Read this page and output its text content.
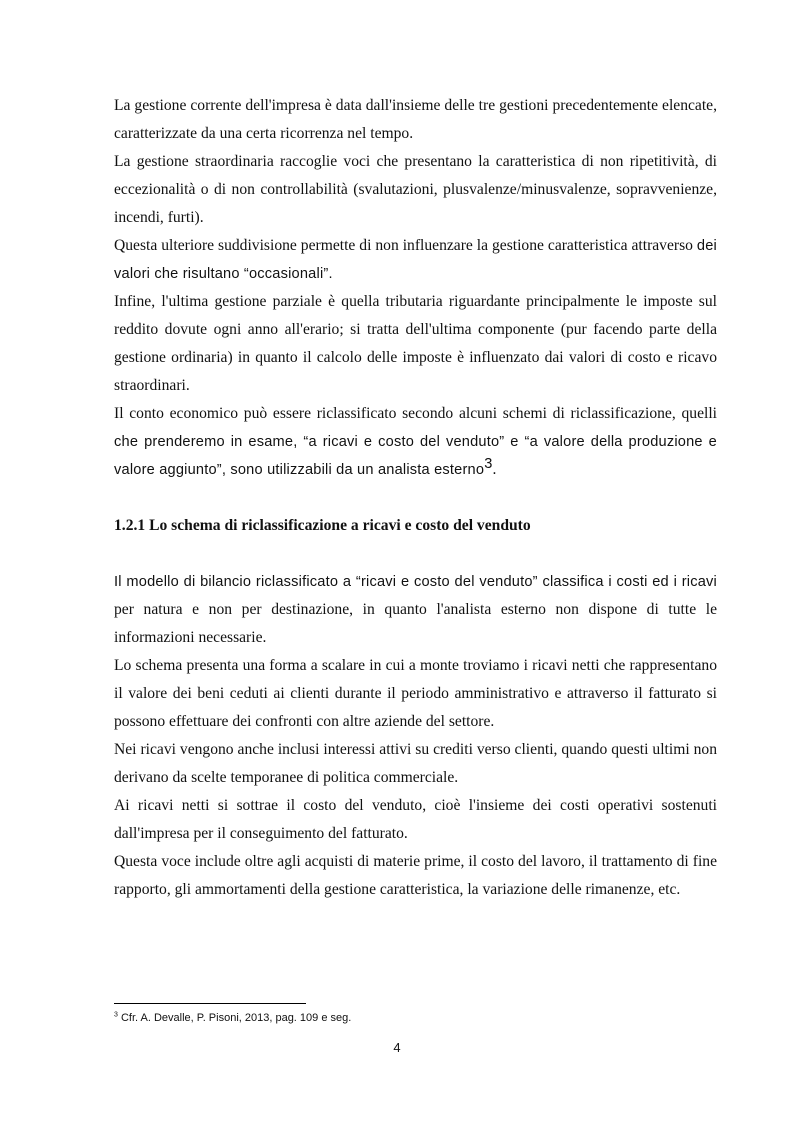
La gestione corrente dell'impresa è data dall'insieme delle tre gestioni precedentemente elencate, caratterizzate da una certa ricorrenza nel tempo.

La gestione straordinaria raccoglie voci che presentano la caratteristica di non ripetitività, di eccezionalità o di non controllabilità (svalutazioni, plusvalenze/minusvalenze, sopravvenienze, incendi, furti).

Questa ulteriore suddivisione permette di non influenzare la gestione caratteristica attraverso dei valori che risultano “occasionali”.

Infine, l'ultima gestione parziale è quella tributaria riguardante principalmente le imposte sul reddito dovute ogni anno all'erario; si tratta dell'ultima componente (pur facendo parte della gestione ordinaria) in quanto il calcolo delle imposte è influenzato dai valori di costo e ricavo straordinari.

Il conto economico può essere riclassificato secondo alcuni schemi di riclassificazione, quelli che prenderemo in esame, “a ricavi e costo del venduto” e “a valore della produzione e valore aggiunto”, sono utilizzabili da un analista esterno$^3$.

1.2.1 Lo schema di riclassificazione a ricavi e costo del venduto

Il modello di bilancio riclassificato a “ricavi e costo del venduto” classifica i costi ed i ricavi per natura e non per destinazione, in quanto l'analista esterno non dispone di tutte le informazioni necessarie.

Lo schema presenta una forma a scalare in cui a monte troviamo i ricavi netti che rappresentano il valore dei beni ceduti ai clienti durante il periodo amministrativo e attraverso il fatturato si possono effettuare dei confronti con altre aziende del settore.

Nei ricavi vengono anche inclusi interessi attivi su crediti verso clienti, quando questi ultimi non derivano da scelte temporanee di politica commerciale.

Ai ricavi netti si sottrae il costo del venduto, cioè l'insieme dei costi operativi sostenuti dall'impresa per il conseguimento del fatturato.

Questa voce include oltre agli acquisti di materie prime, il costo del lavoro, il trattamento di fine rapporto, gli ammortamenti della gestione caratteristica, la variazione delle rimanenze, etc.

$^3$ Cfr. A. Devalle, P. Pisoni, 2013, pag. 109 e seg.
4
